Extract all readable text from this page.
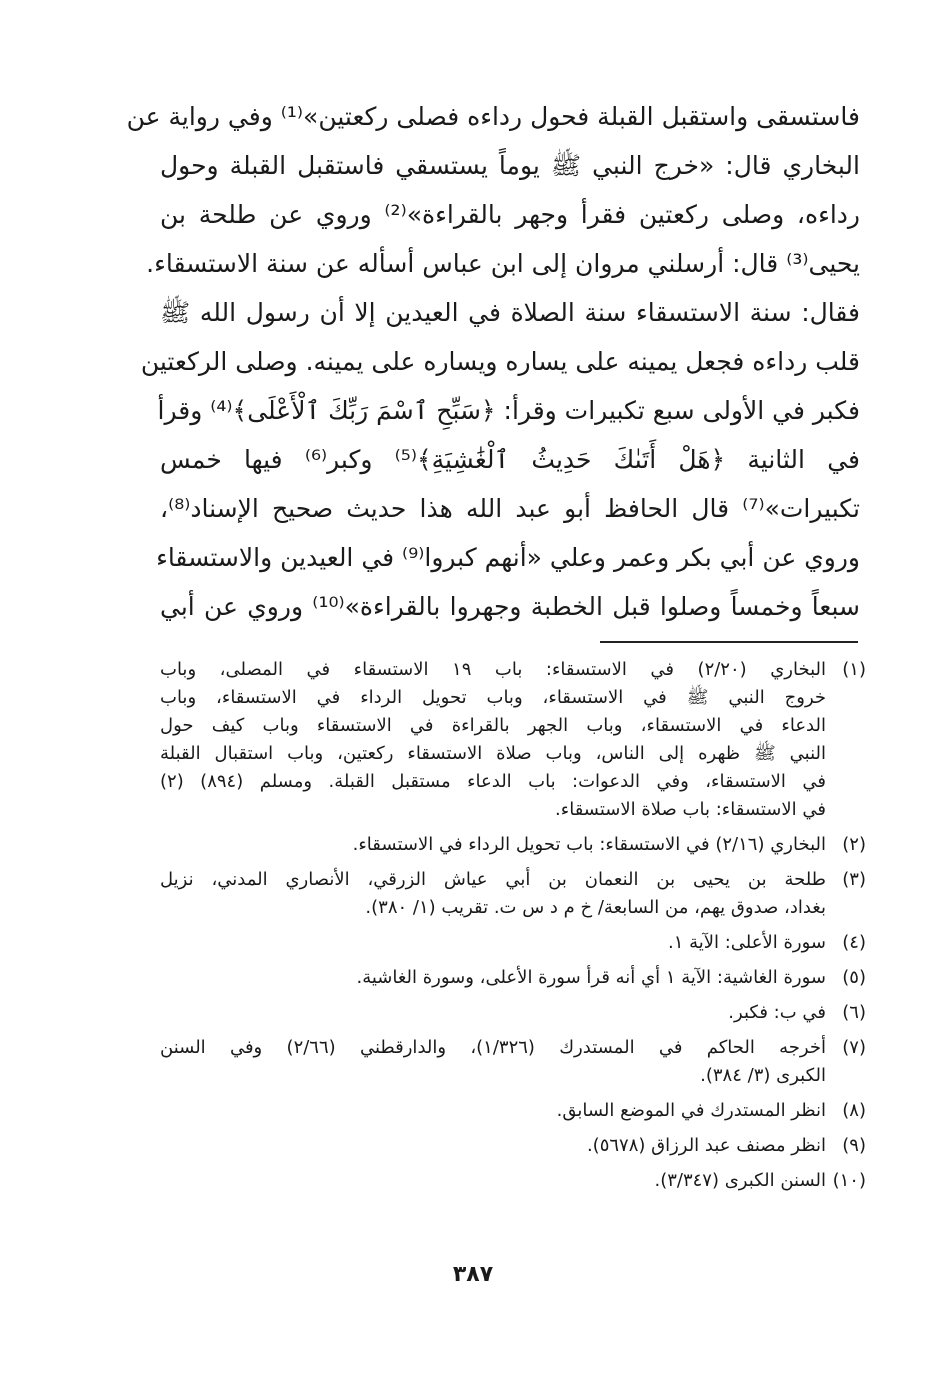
فاستسقى واستقبل القبلة فحول رداءه فصلى ركعتين»⁽¹⁾ وفي رواية عن
البخاري قال: «خرج النبي ﷺ يوماً يستسقي فاستقبل القبلة وحول
رداءه، وصلى ركعتين فقرأ وجهر بالقراءة»⁽²⁾ وروي عن طلحة بن
يحيى⁽³⁾ قال: أرسلني مروان إلى ابن عباس أسأله عن سنة الاستسقاء.
فقال: سنة الاستسقاء سنة الصلاة في العيدين إلا أن رسول الله ﷺ
قلب رداءه فجعل يمينه على يساره ويساره على يمينه. وصلى الركعتين
فكبر في الأولى سبع تكبيرات وقرأ: ﴿سَبِّحِ ٱسْمَ رَبِّكَ ٱلْأَعْلَى﴾⁽⁴⁾ وقرأ
في الثانية ﴿هَلْ أَتَىٰكَ حَدِيثُ ٱلْغَٰشِيَةِ﴾⁽⁵⁾ وكبر⁽⁶⁾ فيها خمس
تكبيرات»⁽⁷⁾ قال الحافظ أبو عبد الله هذا حديث صحيح الإسناد⁽⁸⁾،
وروي عن أبي بكر وعمر وعلي «أنهم كبروا⁽⁹⁾ في العيدين والاستسقاء
سبعاً وخمساً وصلوا قبل الخطبة وجهروا بالقراءة»⁽¹⁰⁾ وروي عن أبي
(١)
البخاري (٢/٢٠) في الاستسقاء: باب ١٩ الاستسقاء في المصلى، وباب
خروج النبي ﷺ في الاستسقاء، وباب تحويل الرداء في الاستسقاء، وباب
الدعاء في الاستسقاء، وباب الجهر بالقراءة في الاستسقاء وباب كيف حول
النبي ﷺ ظهره إلى الناس، وباب صلاة الاستسقاء ركعتين، وباب استقبال القبلة
في الاستسقاء، وفي الدعوات: باب الدعاء مستقبل القبلة. ومسلم (٨٩٤) (٢)
في الاستسقاء: باب صلاة الاستسقاء.
(٢)
البخاري (٢/١٦) في الاستسقاء: باب تحويل الرداء في الاستسقاء.
(٣)
طلحة بن يحيى بن النعمان بن أبي عياش الزرقي، الأنصاري المدني، نزيل
بغداد، صدوق يهم، من السابعة/ خ م د س ت. تقريب (١/ ٣٨٠).
(٤)
سورة الأعلى: الآية ١.
(٥)
سورة الغاشية: الآية ١ أي أنه قرأ سورة الأعلى، وسورة الغاشية.
(٦)
في ب: فكبر.
(٧)
أخرجه الحاكم في المستدرك (١/٣٢٦)، والدارقطني (٢/٦٦) وفي السنن
الكبرى (٣/ ٣٨٤).
(٨)
انظر المستدرك في الموضع السابق.
(٩)
انظر مصنف عبد الرزاق (٥٦٧٨).
(١٠)
السنن الكبرى (٣/٣٤٧).
٣٨٧
